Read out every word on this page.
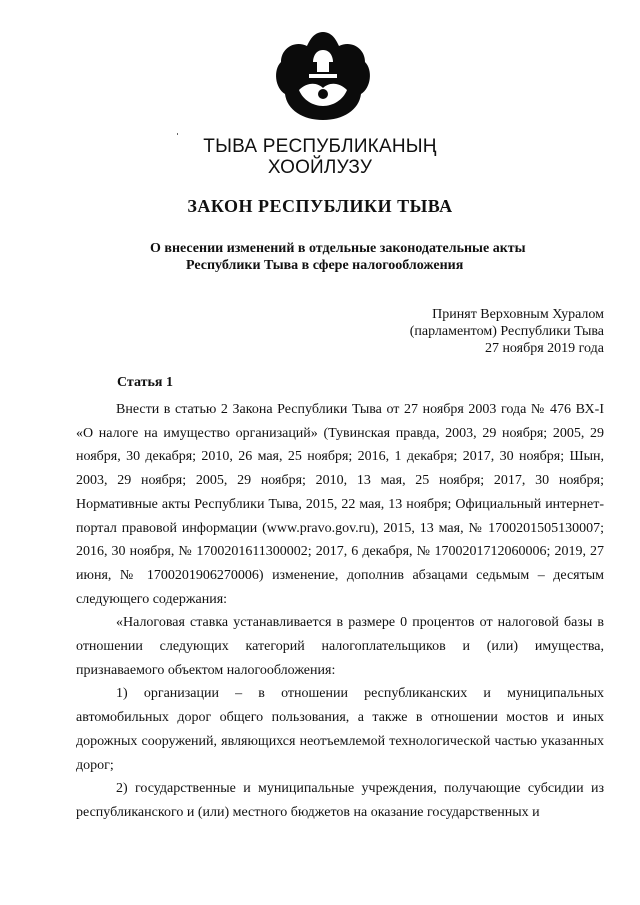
ТЫВА РЕСПУБЛИКАНЫҢ
ХООЙЛУЗУ
ЗАКОН РЕСПУБЛИКИ ТЫВА
О внесении изменений в отдельные законодательные акты
Республики Тыва в сфере налогообложения
Принят Верховным Хуралом
(парламентом) Республики Тыва
27 ноября 2019 года
Статья 1

Внести в статью 2 Закона Республики Тыва от 27 ноября 2003 года № 476 ВХ-I «О налоге на имущество организаций» (Тувинская правда, 2003, 29 ноября; 2005, 29 ноября, 30 декабря; 2010, 26 мая, 25 ноября; 2016, 1 декабря; 2017, 30 ноября; Шын, 2003, 29 ноября; 2005, 29 ноября; 2010, 13 мая, 25 ноября; 2017, 30 ноября; Нормативные акты Республики Тыва, 2015, 22 мая, 13 ноября; Официальный интернет-портал правовой информации (www.pravo.gov.ru), 2015, 13 мая, № 1700201505130007; 2016, 30 ноября, № 1700201611300002; 2017, 6 декабря, № 1700201712060006; 2019, 27 июня, № 1700201906270006) изменение, дополнив абзацами седьмым – десятым следующего содержания:

«Налоговая ставка устанавливается в размере 0 процентов от налоговой базы в отношении следующих категорий налогоплательщиков и (или) имущества, признаваемого объектом налогообложения:

1) организации – в отношении республиканских и муниципальных автомобильных дорог общего пользования, а также в отношении мостов и иных дорожных сооружений, являющихся неотъемлемой технологической частью указанных дорог;

2) государственные и муниципальные учреждения, получающие субсидии из республиканского и (или) местного бюджетов на оказание государственных и
